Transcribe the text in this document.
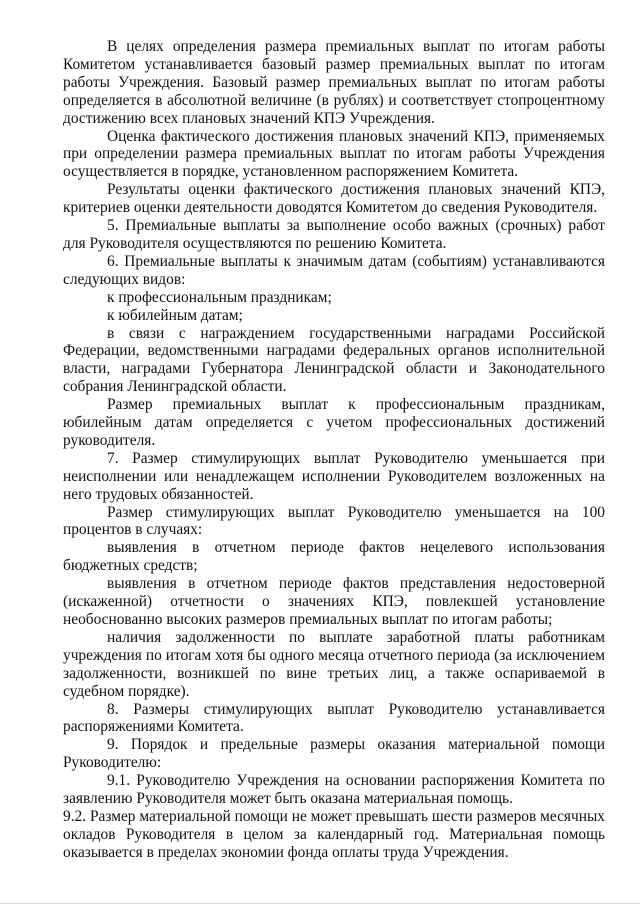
В целях определения размера премиальных выплат по итогам работы Комитетом устанавливается базовый размер премиальных выплат по итогам работы Учреждения. Базовый размер премиальных выплат по итогам работы определяется в абсолютной величине (в рублях) и соответствует стопроцентному достижению всех плановых значений КПЭ Учреждения.

Оценка фактического достижения плановых значений КПЭ, применяемых при определении размера премиальных выплат по итогам работы Учреждения осуществляется в порядке, установленном распоряжением Комитета.

Результаты оценки фактического достижения плановых значений КПЭ, критериев оценки деятельности доводятся Комитетом до сведения Руководителя.

5. Премиальные выплаты за выполнение особо важных (срочных) работ для Руководителя осуществляются по решению Комитета.

6. Премиальные выплаты к значимым датам (событиям) устанавливаются следующих видов:

к профессиональным праздникам;

к юбилейным датам;

в связи с награждением государственными наградами Российской Федерации, ведомственными наградами федеральных органов исполнительной власти, наградами Губернатора Ленинградской области и Законодательного собрания Ленинградской области.

Размер премиальных выплат к профессиональным праздникам, юбилейным датам определяется с учетом профессиональных достижений руководителя.

7. Размер стимулирующих выплат Руководителю уменьшается при неисполнении или ненадлежащем исполнении Руководителем возложенных на него трудовых обязанностей.

Размер стимулирующих выплат Руководителю уменьшается на 100 процентов в случаях:

выявления в отчетном периоде фактов нецелевого использования бюджетных средств;

выявления в отчетном периоде фактов представления недостоверной (искаженной) отчетности о значениях КПЭ, повлекшей установление необоснованно высоких размеров премиальных выплат по итогам работы;

наличия задолженности по выплате заработной платы работникам учреждения по итогам хотя бы одного месяца отчетного периода (за исключением задолженности, возникшей по вине третьих лиц, а также оспариваемой в судебном порядке).

8. Размеры стимулирующих выплат Руководителю устанавливается распоряжениями Комитета.

9. Порядок и предельные размеры оказания материальной помощи Руководителю:

9.1. Руководителю Учреждения на основании распоряжения Комитета по заявлению Руководителя может быть оказана материальная помощь.

9.2. Размер материальной помощи не может превышать шести размеров месячных окладов Руководителя в целом за календарный год. Материальная помощь оказывается в пределах экономии фонда оплаты труда Учреждения.
